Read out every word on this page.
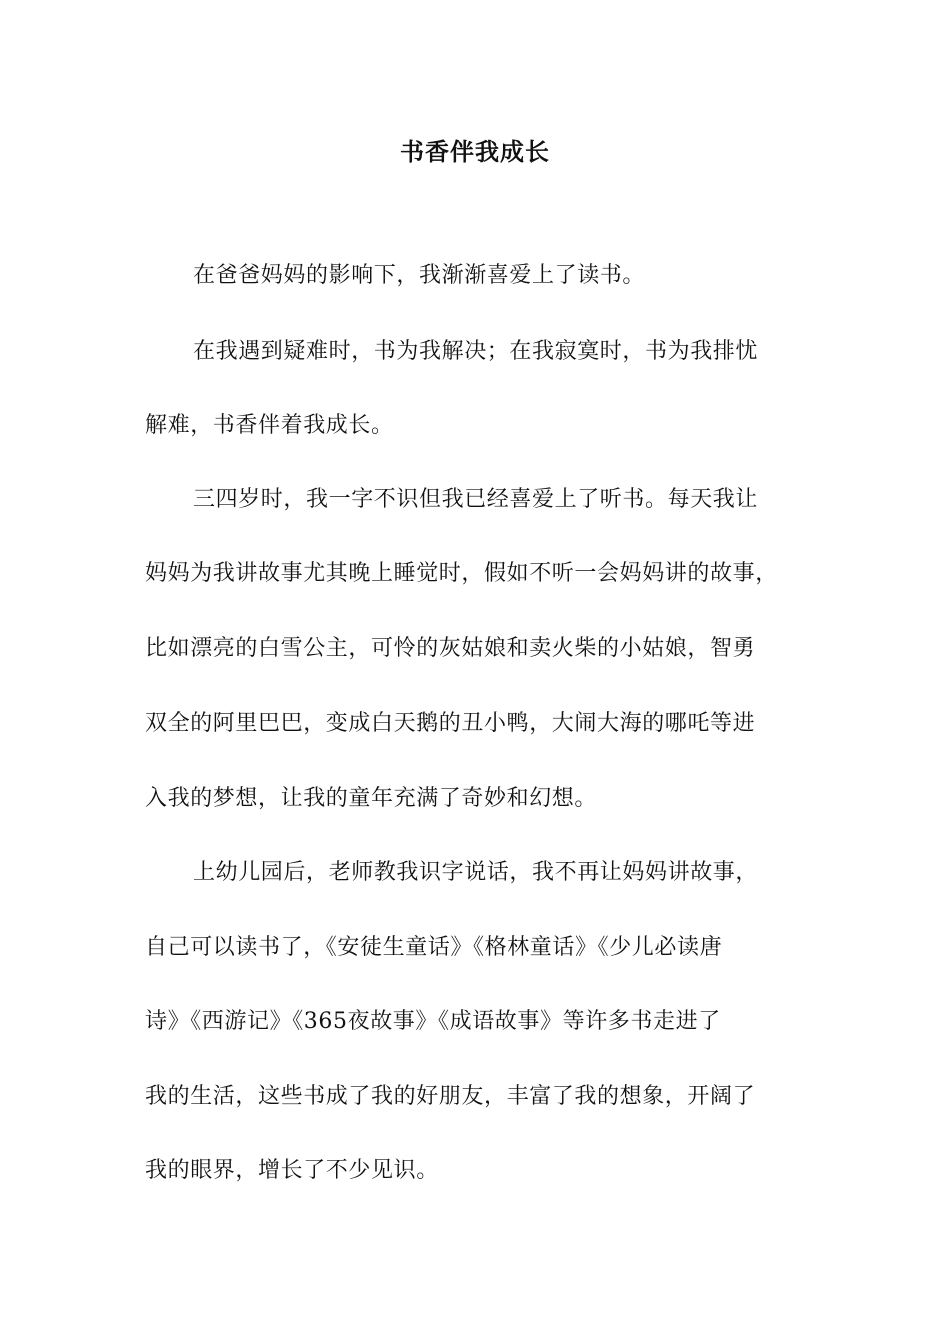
书香伴我成长
在爸爸妈妈的影响下，我渐渐喜爱上了读书。
在我遇到疑难时，书为我解决；在我寂寞时，书为我排忧
解难，书香伴着我成长。
三四岁时，我一字不识但我已经喜爱上了听书。每天我让
妈妈为我讲故事尤其晚上睡觉时，假如不听一会妈妈讲的故事，
比如漂亮的白雪公主，可怜的灰姑娘和卖火柴的小姑娘，智勇
双全的阿里巴巴，变成白天鹅的丑小鸭，大闹大海的哪吒等进
入我的梦想，让我的童年充满了奇妙和幻想。
上幼儿园后，老师教我识字说话，我不再让妈妈讲故事，
自己可以读书了，《安徒生童话》《格林童话》《少儿必读唐
诗》《西游记》《365夜故事》《成语故事》等许多书走进了
我的生活，这些书成了我的好朋友，丰富了我的想象，开阔了
我的眼界，增长了不少见识。
